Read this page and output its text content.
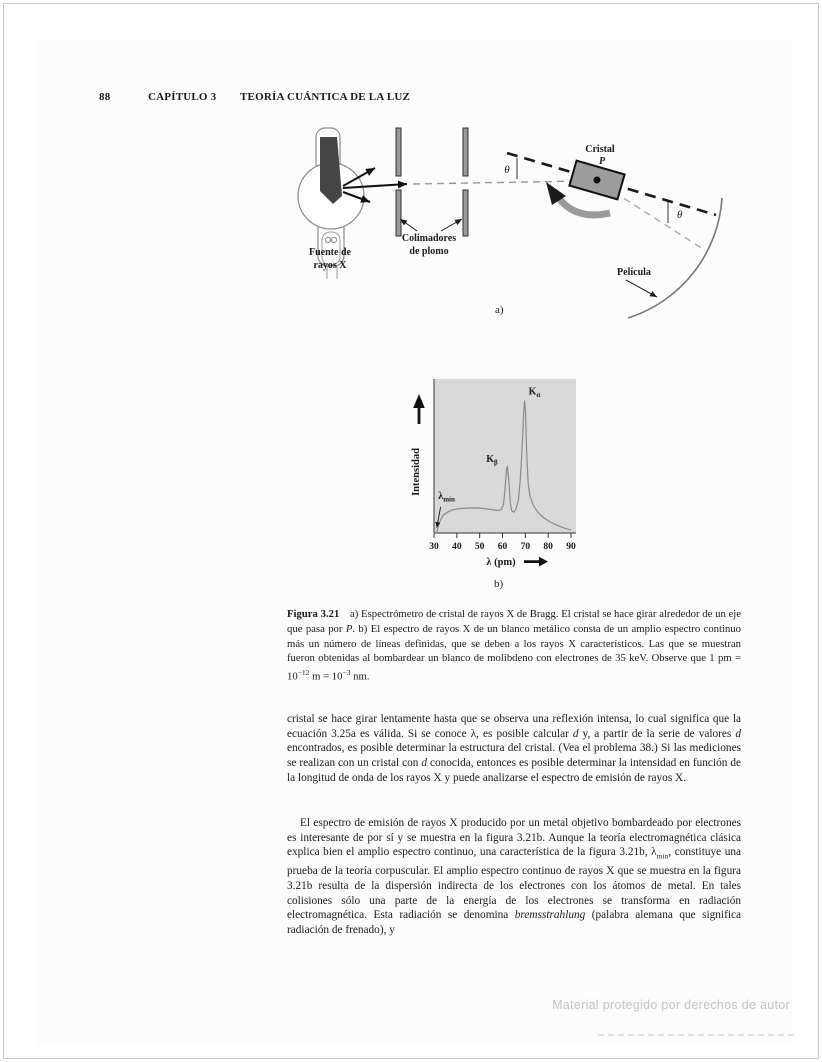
88	CAPÍTULO 3 TEORÍA CUÁNTICA DE LA LUZ
θ
θ
Cristal
P
Película
Fuente de
rayos X
Colimadores
de plomo
a)
30 40 50 60 70 80 90
$\lambda_{mín}$
$K_\beta$
$K_\alpha$
Intensidad
λ (pm)
b)

Figura 3.21 a) Espectrómetro de cristal de rayos X de Bragg. El cristal se hace girar alrededor de un eje que pasa por P. b) El espectro de rayos X de un blanco metálico consta de un amplio espectro continuo más un número de líneas definidas, que se deben a los rayos X característicos. Las que se muestran fueron obtenidas al bombardear un blanco de molibdeno con electrones de 35 keV. Observe que 1 pm = $10^{-12}$ $m = 10^{-3}$ nm.

cristal se hace girar lentamente hasta que se observa una reflexión intensa, lo cual significa que la ecuación 3.25a es válida. Si se conoce λ, es posible calcular d y, a partir de la serie de valores d encontrados, es posible determinar la estructura del cristal. (Vea el problema 38.) Si las mediciones se realizan con un cristal con d conocida, entonces es posible determinar la intensidad en función de la longitud de onda de los rayos X y puede analizarse el espectro de emisión de rayos X.

El espectro de emisión de rayos X producido por un metal objetivo bombardeado por electrones es interesante de por sí y se muestra en la figura 3.21b. Aunque la teoría electromagnética clásica explica bien el amplio espectro continuo, una característica de la figura 3.21b, $\lambda_{mín}$, constituye una prueba de la teoría corpuscular. El amplio espectro continuo de rayos X que se muestra en la figura 3.21b resulta de la dispersión indirecta de los electrones con los átomos de metal. En tales colisiones sólo una parte de la energía de los electrones se transforma en radiación electromagnética. Esta radiación se denomina bremsstrahlung (palabra alemana que significa radiación de frenado), y

Material protegido por derechos de autor
